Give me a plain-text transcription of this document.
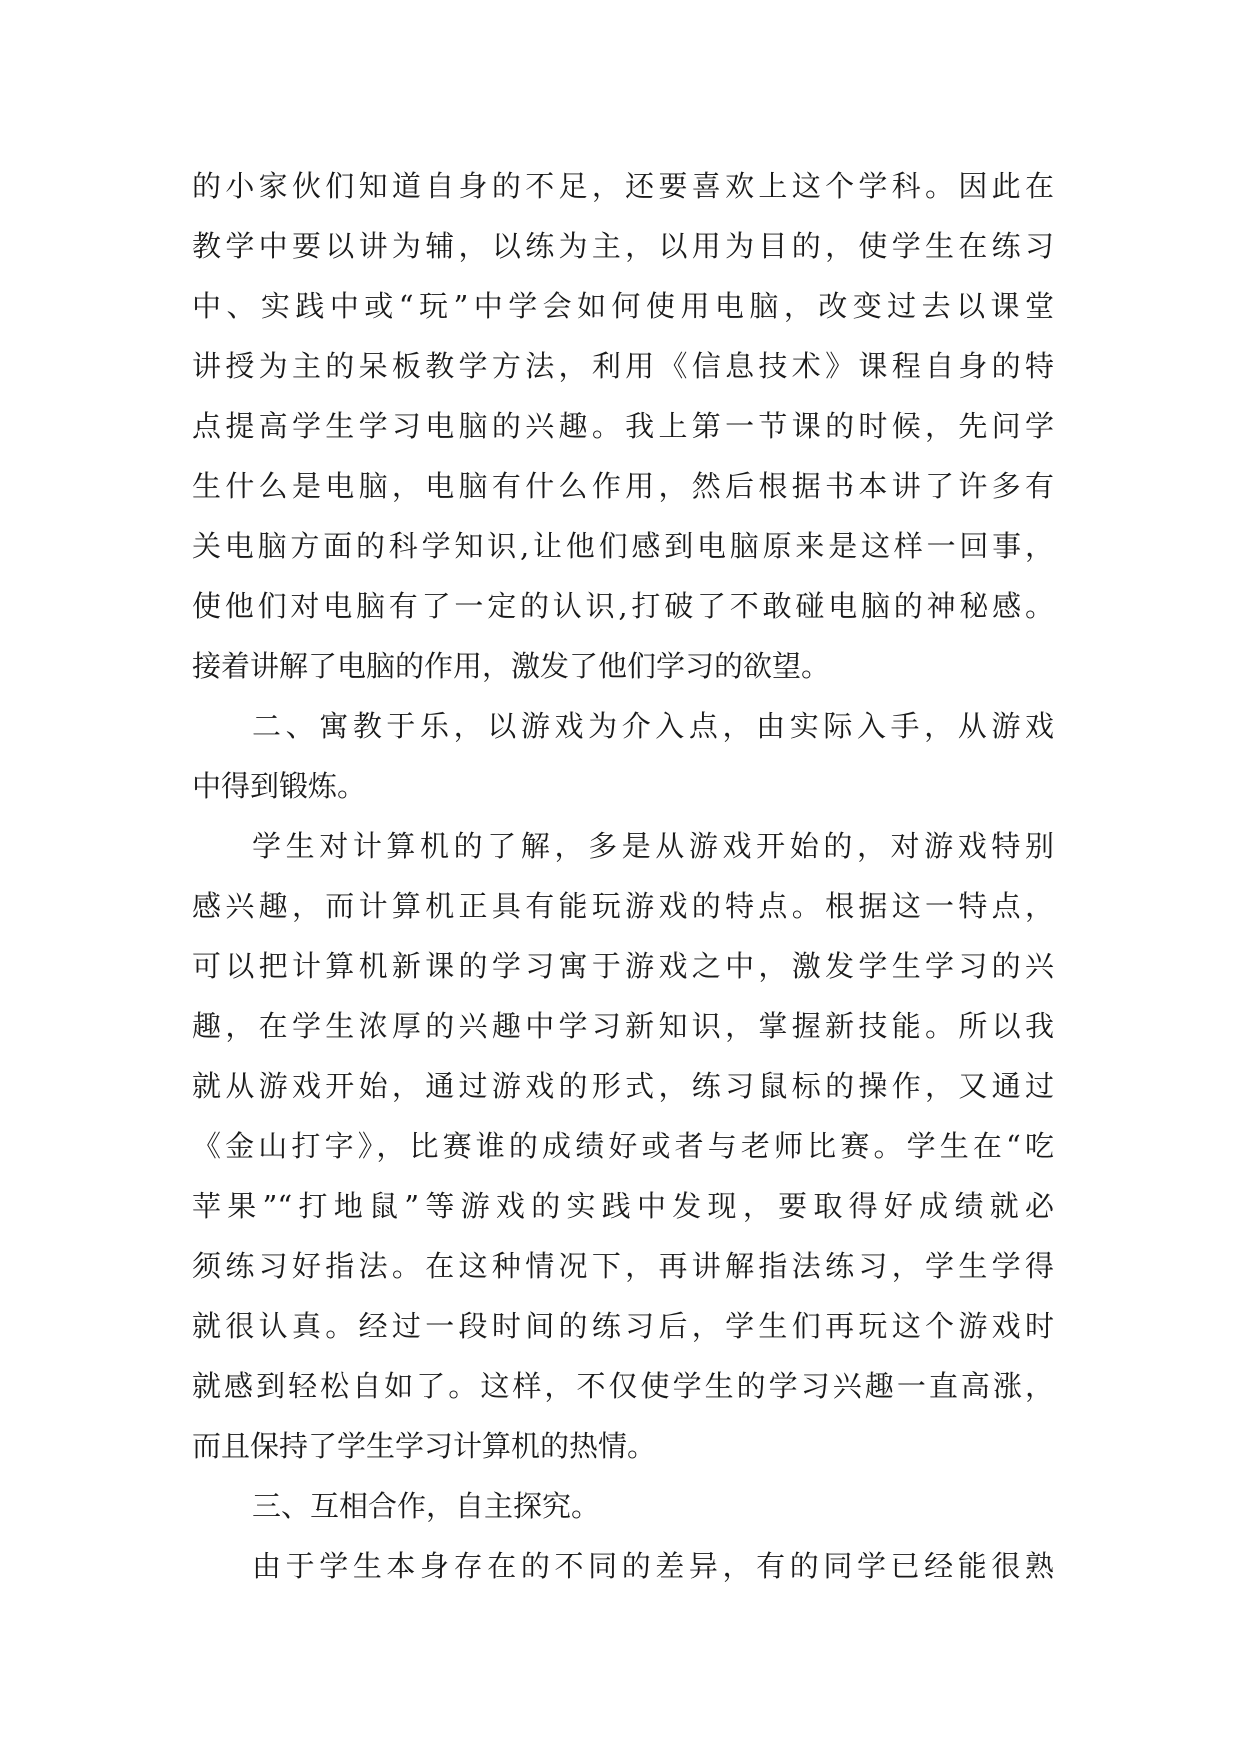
的小家伙们知道自身的不足，还要喜欢上这个学科。因此在
教学中要以讲为辅，以练为主，以用为目的，使学生在练习
中、实践中或“玩”中学会如何使用电脑，改变过去以课堂
讲授为主的呆板教学方法，利用《信息技术》课程自身的特
点提高学生学习电脑的兴趣。我上第一节课的时候，先问学
生什么是电脑，电脑有什么作用，然后根据书本讲了许多有
关电脑方面的科学知识,让他们感到电脑原来是这样一回事，
使他们对电脑有了一定的认识,打破了不敢碰电脑的神秘感。
接着讲解了电脑的作用，激发了他们学习的欲望。
二、寓教于乐，以游戏为介入点，由实际入手，从游戏
中得到锻炼。
学生对计算机的了解，多是从游戏开始的，对游戏特别
感兴趣，而计算机正具有能玩游戏的特点。根据这一特点，
可以把计算机新课的学习寓于游戏之中，激发学生学习的兴
趣，在学生浓厚的兴趣中学习新知识，掌握新技能。所以我
就从游戏开始，通过游戏的形式，练习鼠标的操作，又通过
《金山打字》，比赛谁的成绩好或者与老师比赛。学生在“吃
苹果”“打地鼠”等游戏的实践中发现，要取得好成绩就必
须练习好指法。在这种情况下，再讲解指法练习，学生学得
就很认真。经过一段时间的练习后，学生们再玩这个游戏时
就感到轻松自如了。这样，不仅使学生的学习兴趣一直高涨，
而且保持了学生学习计算机的热情。
三、互相合作，自主探究。
由于学生本身存在的不同的差异，有的同学已经能很熟
